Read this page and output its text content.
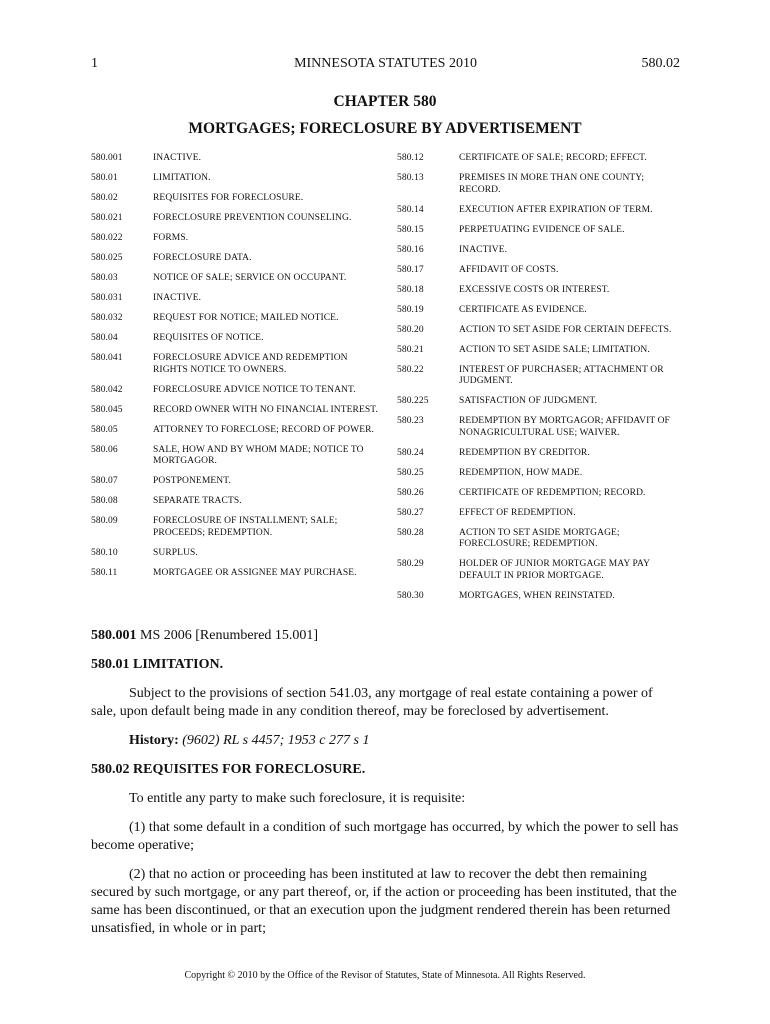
1	MINNESOTA STATUTES 2010	580.02
CHAPTER 580
MORTGAGES; FORECLOSURE BY ADVERTISEMENT
580.001	INACTIVE.
580.01	LIMITATION.
580.02	REQUISITES FOR FORECLOSURE.
580.021	FORECLOSURE PREVENTION COUNSELING.
580.022	FORMS.
580.025	FORECLOSURE DATA.
580.03	NOTICE OF SALE; SERVICE ON OCCUPANT.
580.031	INACTIVE.
580.032	REQUEST FOR NOTICE; MAILED NOTICE.
580.04	REQUISITES OF NOTICE.
580.041	FORECLOSURE ADVICE AND REDEMPTION RIGHTS NOTICE TO OWNERS.
580.042	FORECLOSURE ADVICE NOTICE TO TENANT.
580.045	RECORD OWNER WITH NO FINANCIAL INTEREST.
580.05	ATTORNEY TO FORECLOSE; RECORD OF POWER.
580.06	SALE, HOW AND BY WHOM MADE; NOTICE TO MORTGAGOR.
580.07	POSTPONEMENT.
580.08	SEPARATE TRACTS.
580.09	FORECLOSURE OF INSTALLMENT; SALE; PROCEEDS; REDEMPTION.
580.10	SURPLUS.
580.11	MORTGAGEE OR ASSIGNEE MAY PURCHASE.
580.12	CERTIFICATE OF SALE; RECORD; EFFECT.
580.13	PREMISES IN MORE THAN ONE COUNTY; RECORD.
580.14	EXECUTION AFTER EXPIRATION OF TERM.
580.15	PERPETUATING EVIDENCE OF SALE.
580.16	INACTIVE.
580.17	AFFIDAVIT OF COSTS.
580.18	EXCESSIVE COSTS OR INTEREST.
580.19	CERTIFICATE AS EVIDENCE.
580.20	ACTION TO SET ASIDE FOR CERTAIN DEFECTS.
580.21	ACTION TO SET ASIDE SALE; LIMITATION.
580.22	INTEREST OF PURCHASER; ATTACHMENT OR JUDGMENT.
580.225	SATISFACTION OF JUDGMENT.
580.23	REDEMPTION BY MORTGAGOR; AFFIDAVIT OF NONAGRICULTURAL USE; WAIVER.
580.24	REDEMPTION BY CREDITOR.
580.25	REDEMPTION, HOW MADE.
580.26	CERTIFICATE OF REDEMPTION; RECORD.
580.27	EFFECT OF REDEMPTION.
580.28	ACTION TO SET ASIDE MORTGAGE; FORECLOSURE; REDEMPTION.
580.29	HOLDER OF JUNIOR MORTGAGE MAY PAY DEFAULT IN PRIOR MORTGAGE.
580.30	MORTGAGES, WHEN REINSTATED.

580.001 MS 2006 [Renumbered 15.001]

580.01 LIMITATION.

Subject to the provisions of section 541.03, any mortgage of real estate containing a power of sale, upon default being made in any condition thereof, may be foreclosed by advertisement.

History: (9602) RL s 4457; 1953 c 277 s 1

580.02 REQUISITES FOR FORECLOSURE.

To entitle any party to make such foreclosure, it is requisite:

(1) that some default in a condition of such mortgage has occurred, by which the power to sell has become operative;

(2) that no action or proceeding has been instituted at law to recover the debt then remaining secured by such mortgage, or any part thereof, or, if the action or proceeding has been instituted, that the same has been discontinued, or that an execution upon the judgment rendered therein has been returned unsatisfied, in whole or in part;

Copyright © 2010 by the Office of the Revisor of Statutes, State of Minnesota. All Rights Reserved.
